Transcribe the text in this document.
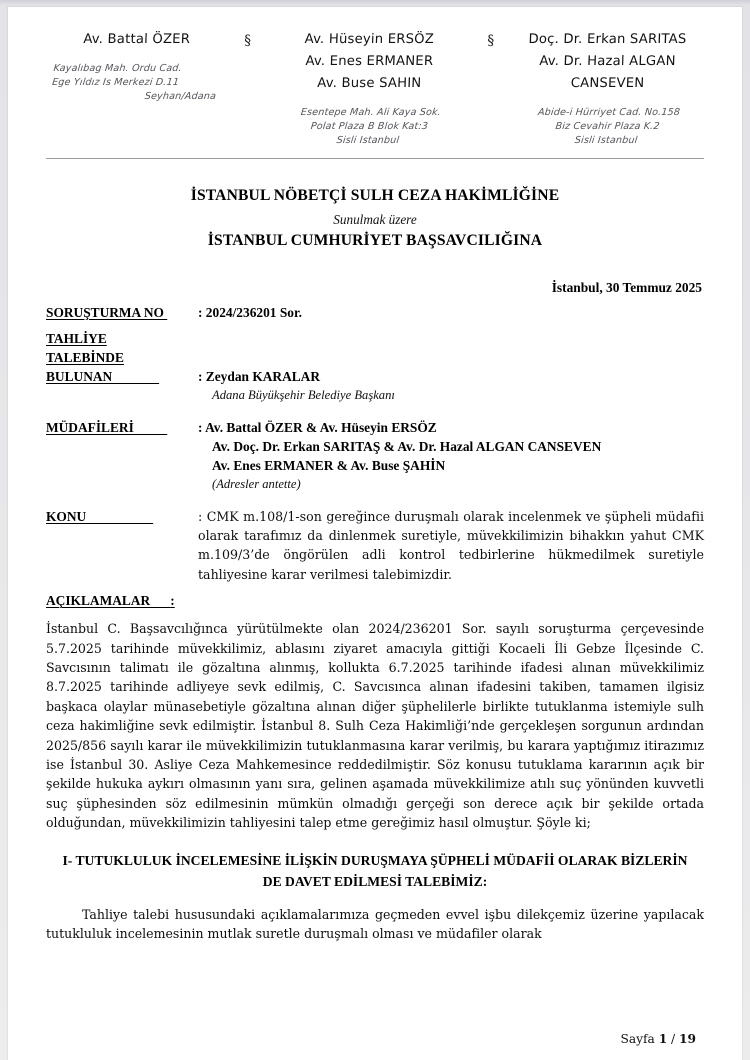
Av. Battal ÖZER
Kayalıbag Mah. Ordu Cad.
Ege Yıldız Is Merkezi D.11
Seyhan/Adana
§	Av. Hüseyin ERSÖZ
Av. Enes ERMANER
Av. Buse SAHIN
Esentepe Mah. Ali Kaya Sok.
Polat Plaza B Blok Kat:3
Sisli Istanbul
§	Doç. Dr. Erkan SARITAS
Av. Dr. Hazal ALGAN
CANSEVEN
Abide-i Hürriyet Cad. No.158
Biz Cevahir Plaza K.2
Sisli Istanbul
İSTANBUL NÖBETÇİ SULH CEZA HAKİMLİĞİNE
Sunulmak üzere
İSTANBUL CUMHURİYET BAŞSAVCILIĞINA
İstanbul, 30 Temmuz 2025
SORUŞTURMA NO	: 2024/236201 Sor.
TAHLİYE
TALEBİNDE
BULUNAN	: Zeydan KARALAR
Adana Büyükşehir Belediye Başkanı
MÜDAFİLERİ	: Av. Battal ÖZER & Av. Hüseyin ERSÖZ
Av. Doç. Dr. Erkan SARITAŞ & Av. Dr. Hazal ALGAN CANSEVEN
Av. Enes ERMANER & Av. Buse ŞAHİN
(Adresler antette)
KONU	: CMK m.108/1-son gereğince duruşmalı olarak incelenmek ve şüpheli müdafii olarak tarafımız da dinlenmek suretiyle, müvekkilimizin bihakkın yahut CMK m.109/3’de öngörülen adli kontrol tedbirlerine hükmedilmek suretiyle tahliyesine karar verilmesi talebimizdir.
AÇIKLAMALAR      :

İstanbul C. Başsavcılığınca yürütülmekte olan 2024/236201 Sor. sayılı soruşturma çerçevesinde 5.7.2025 tarihinde müvekkilimiz, ablasını ziyaret amacıyla gittiği Kocaeli İli Gebze İlçesinde C. Savcısının talimatı ile gözaltına alınmış, kollukta 6.7.2025 tarihinde ifadesi alınan müvekkilimiz 8.7.2025 tarihinde adliyeye sevk edilmiş, C. Savcısınca alınan ifadesini takiben, tamamen ilgisiz başkaca olaylar münasebetiyle gözaltına alınan diğer şüphelilerle birlikte tutuklanma istemiyle sulh ceza hakimliğine sevk edilmiştir. İstanbul 8. Sulh Ceza Hakimliği’nde gerçekleşen sorgunun ardından 2025/856 sayılı karar ile müvekkilimizin tutuklanmasına karar verilmiş, bu karara yaptığımız itirazımız ise İstanbul 30. Asliye Ceza Mahkemesince reddedilmiştir. Söz konusu tutuklama kararının açık bir şekilde hukuka aykırı olmasının yanı sıra, gelinen aşamada müvekkilimize atılı suç yönünden kuvvetli suç şüphesinden söz edilmesinin mümkün olmadığı gerçeği son derece açık bir şekilde ortada olduğundan, müvekkilimizin tahliyesini talep etme gereğimiz hasıl olmuştur. Şöyle ki;

I- TUTUKLULUK İNCELEMESİNE İLİŞKİN DURUŞMAYA ŞÜPHELİ MÜDAFİİ OLARAK BİZLERİN DE DAVET EDİLMESİ TALEBİMİZ:

Tahliye talebi hususundaki açıklamalarımıza geçmeden evvel işbu dilekçemiz üzerine yapılacak tutukluluk incelemesinin mutlak suretle duruşmalı olması ve müdafiler olarak

Sayfa 1 / 19
